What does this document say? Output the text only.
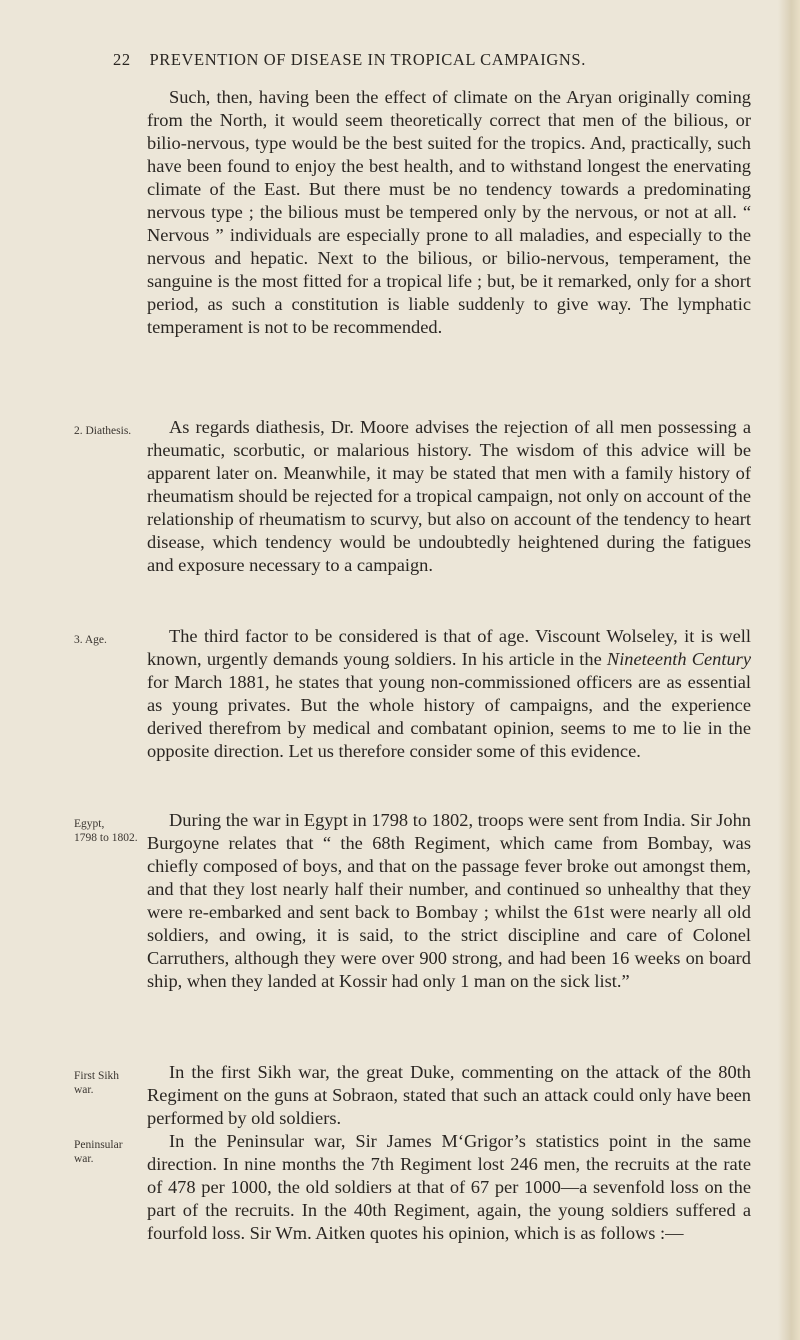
22 PREVENTION OF DISEASE IN TROPICAL CAMPAIGNS.
Such, then, having been the effect of climate on the Aryan originally coming from the North, it would seem theoretically correct that men of the bilious, or bilio-nervous, type would be the best suited for the tropics. And, practically, such have been found to enjoy the best health, and to withstand longest the enervating climate of the East. But there must be no tendency towards a predominating nervous type ; the bilious must be tempered only by the nervous, or not at all. “ Nervous ” individuals are especially prone to all maladies, and especially to the nervous and hepatic. Next to the bilious, or bilio-nervous, temperament, the sanguine is the most fitted for a tropical life ; but, be it remarked, only for a short period, as such a constitution is liable suddenly to give way. The lymphatic temperament is not to be recommended.
2. Diathesis.	As regards diathesis, Dr. Moore advises the rejection of all men possessing a rheumatic, scorbutic, or malarious history. The wisdom of this advice will be apparent later on. Meanwhile, it may be stated that men with a family history of rheumatism should be rejected for a tropical campaign, not only on account of the relationship of rheumatism to scurvy, but also on account of the tendency to heart disease, which tendency would be undoubtedly heightened during the fatigues and exposure necessary to a campaign.
3. Age.	The third factor to be considered is that of age. Viscount Wolseley, it is well known, urgently demands young soldiers. In his article in the Nineteenth Century for March 1881, he states that young non-commissioned officers are as essential as young privates. But the whole history of campaigns, and the experience derived therefrom by medical and combatant opinion, seems to me to lie in the opposite direction. Let us therefore consider some of this evidence.
Egypt,
1798 to 1802.
During the war in Egypt in 1798 to 1802, troops were sent from India. Sir John Burgoyne relates that “ the 68th Regiment, which came from Bombay, was chiefly composed of boys, and that on the passage fever broke out amongst them, and that they lost nearly half their number, and continued so unhealthy that they were re-embarked and sent back to Bombay ; whilst the 61st were nearly all old soldiers, and owing, it is said, to the strict discipline and care of Colonel Carruthers, although they were over 900 strong, and had been 16 weeks on board ship, when they landed at Kossir had only 1 man on the sick list.”
First Sikh
war.
In the first Sikh war, the great Duke, commenting on the attack of the 80th Regiment on the guns at Sobraon, stated that such an attack could only have been performed by old soldiers.
Peninsular
war.
In the Peninsular war, Sir James M‘Grigor’s statistics point in the same direction. In nine months the 7th Regiment lost 246 men, the recruits at the rate of 478 per 1000, the old soldiers at that of 67 per 1000—a sevenfold loss on the part of the recruits. In the 40th Regiment, again, the young soldiers suffered a fourfold loss. Sir Wm. Aitken quotes his opinion, which is as follows :—
